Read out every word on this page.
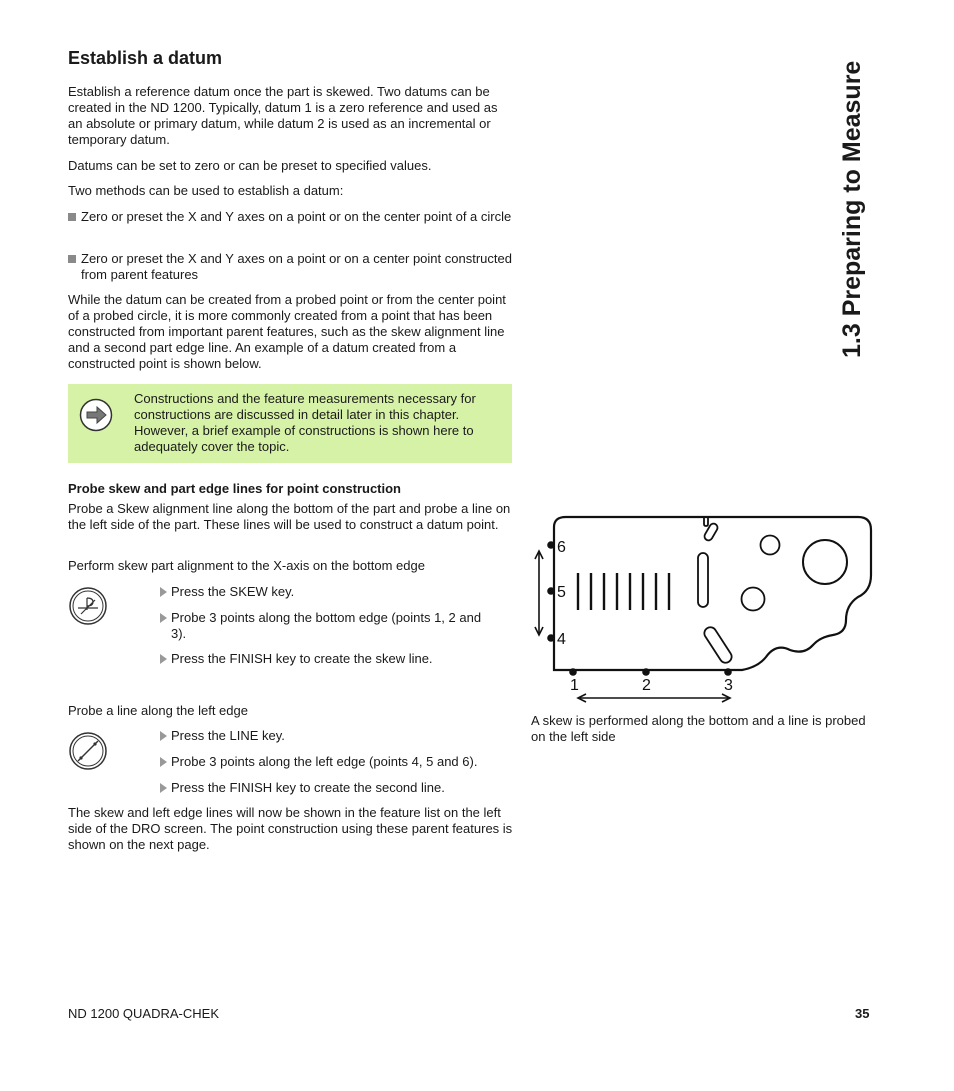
1.3 Preparing to Measure
Establish a datum

Establish a reference datum once the part is skewed. Two datums can be created in the ND 1200. Typically, datum 1 is a zero reference and used as an absolute or primary datum, while datum 2 is used as an incremental or temporary datum.

Datums can be set to zero or can be preset to specified values.

Two methods can be used to establish a datum:

Zero or preset the X and Y axes on a point or on the center point of a circle
Zero or preset the X and Y axes on a point or on a center point constructed from parent features

While the datum can be created from a probed point or from the center point of a probed circle, it is more commonly created from a point that has been constructed from important parent features, such as the skew alignment line and a second part edge line. An example of a datum created from a constructed point is shown below.

Constructions and the feature measurements necessary for constructions are discussed in detail later in this chapter. However, a brief example of constructions is shown here to adequately cover the topic.
Probe skew and part edge lines for point construction

Probe a Skew alignment line along the bottom of the part and probe a line on the left side of the part. These lines will be used to construct a datum point.

Perform skew part alignment to the X-axis on the bottom edge

Press the SKEW key.
Probe 3 points along the bottom edge (points 1, 2 and 3).
Press the FINISH key to create the skew line.

Probe a line along the left edge

Press the LINE key.
Probe 3 points along the left edge (points 4, 5 and 6).
Press the FINISH key to create the second line.

The skew and left edge lines will now be shown in the feature list on the left side of the DRO screen. The point construction using these parent features is shown on the next page.

1	2	3
4
5
6
A skew is performed along the bottom and a line is probed on the left side
ND 1200 QUADRA-CHEK	35
